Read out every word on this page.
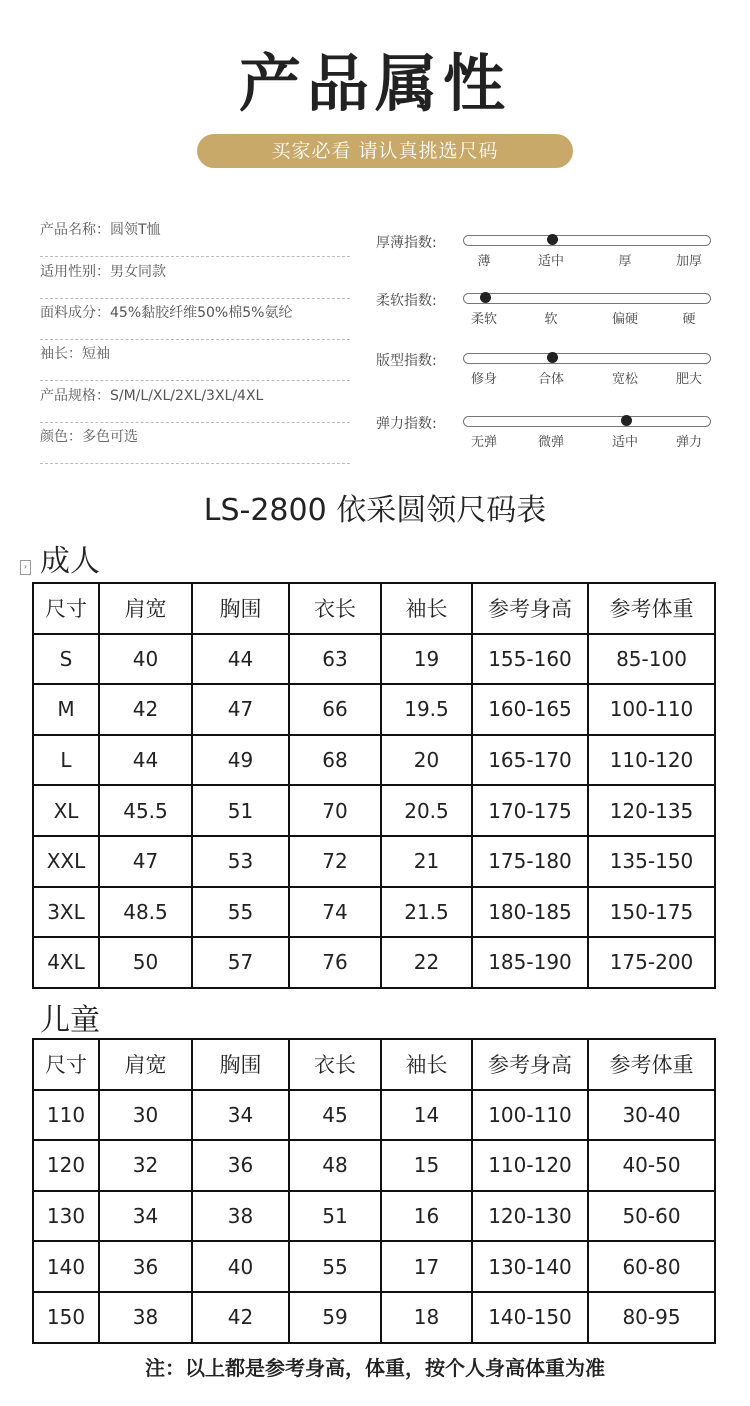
产品属性
买家必看 请认真挑选尺码
产品名称：圆领T恤
适用性别：男女同款
面料成分：45%黏胶纤维50%棉5%氨纶
袖长：短袖
产品规格：S/M/L/XL/2XL/3XL/4XL
颜色：多色可选
厚薄指数:
薄	适中	厚	加厚
柔软指数:
柔软	软	偏硬	硬
版型指数:
修身	合体	宽松	肥大
弹力指数:
无弹	微弹	适中	弹力
LS-2800 依采圆领尺码表
› 成人
尺寸	肩宽	胸围	衣长	袖长	参考身高	参考体重
S	40	44	63	19	155-160	85-100
M	42	47	66	19.5	160-165	100-110
L	44	49	68	20	165-170	110-120
XL	45.5	51	70	20.5	170-175	120-135
XXL	47	53	72	21	175-180	135-150
3XL	48.5	55	74	21.5	180-185	150-175
4XL	50	57	76	22	185-190	175-200
儿童
尺寸	肩宽	胸围	衣长	袖长	参考身高	参考体重
110	30	34	45	14	100-110	30-40
120	32	36	48	15	110-120	40-50
130	34	38	51	16	120-130	50-60
140	36	40	55	17	130-140	60-80
150	38	42	59	18	140-150	80-95
注：以上都是参考身高，体重，按个人身高体重为准
